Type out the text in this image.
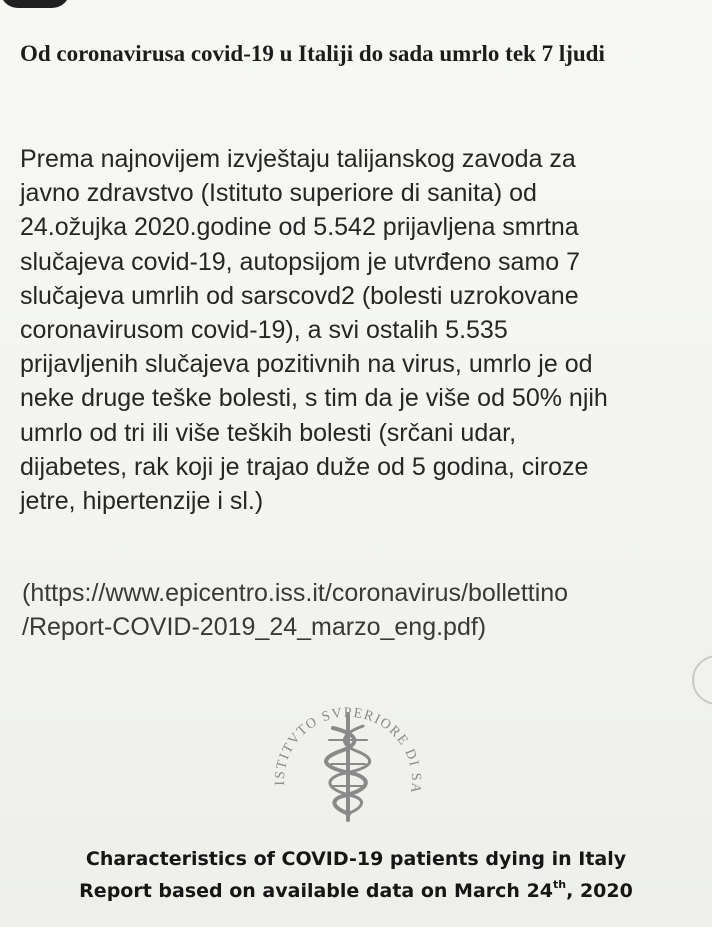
Od coronavirusa covid-19 u Italiji do sada umrlo tek 7 ljudi
Prema najnovijem izvještaju talijanskog zavoda za
javno zdravstvo (Istituto superiore di sanita) od
24.ožujka 2020.godine od 5.542 prijavljena smrtna
slučajeva covid-19, autopsijom je utvrđeno samo 7
slučajeva umrlih od sarscovd2 (bolesti uzrokovane
coronavirusom covid-19), a svi ostalih 5.535
prijavljenih slučajeva pozitivnih na virus, umrlo je od
neke druge teške bolesti, s tim da je više od 50% njih
umrlo od tri ili više teških bolesti (srčani udar,
dijabetes, rak koji je trajao duže od 5 godina, ciroze
jetre, hipertenzije i sl.)
(https://www.epicentro.iss.it/coronavirus/bollettino
/Report-COVID-2019_24_marzo_eng.pdf)
ISTITVTO SVPERIORE DI SA
Characteristics of COVID-19 patients dying in Italy
Report based on available data on March 24th, 2020
